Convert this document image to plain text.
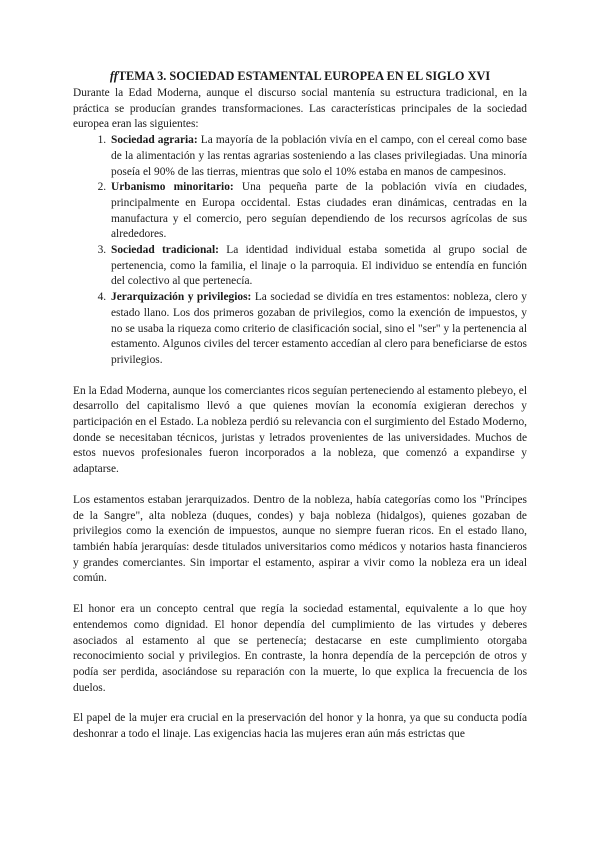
ffTEMA 3. SOCIEDAD ESTAMENTAL EUROPEA EN EL SIGLO XVI

Durante la Edad Moderna, aunque el discurso social mantenía su estructura tradicional, en la práctica se producían grandes transformaciones. Las características principales de la sociedad europea eran las siguientes:

1. Sociedad agraria: La mayoría de la población vivía en el campo, con el cereal como base de la alimentación y las rentas agrarias sosteniendo a las clases privilegiadas. Una minoría poseía el 90% de las tierras, mientras que solo el 10% estaba en manos de campesinos.
2. Urbanismo minoritario: Una pequeña parte de la población vivía en ciudades, principalmente en Europa occidental. Estas ciudades eran dinámicas, centradas en la manufactura y el comercio, pero seguían dependiendo de los recursos agrícolas de sus alrededores.
3. Sociedad tradicional: La identidad individual estaba sometida al grupo social de pertenencia, como la familia, el linaje o la parroquia. El individuo se entendía en función del colectivo al que pertenecía.
4. Jerarquización y privilegios: La sociedad se dividía en tres estamentos: nobleza, clero y estado llano. Los dos primeros gozaban de privilegios, como la exención de impuestos, y no se usaba la riqueza como criterio de clasificación social, sino el "ser" y la pertenencia al estamento. Algunos civiles del tercer estamento accedían al clero para beneficiarse de estos privilegios.

En la Edad Moderna, aunque los comerciantes ricos seguían perteneciendo al estamento plebeyo, el desarrollo del capitalismo llevó a que quienes movían la economía exigieran derechos y participación en el Estado. La nobleza perdió su relevancia con el surgimiento del Estado Moderno, donde se necesitaban técnicos, juristas y letrados provenientes de las universidades. Muchos de estos nuevos profesionales fueron incorporados a la nobleza, que comenzó a expandirse y adaptarse.

Los estamentos estaban jerarquizados. Dentro de la nobleza, había categorías como los "Príncipes de la Sangre", alta nobleza (duques, condes) y baja nobleza (hidalgos), quienes gozaban de privilegios como la exención de impuestos, aunque no siempre fueran ricos. En el estado llano, también había jerarquías: desde titulados universitarios como médicos y notarios hasta financieros y grandes comerciantes. Sin importar el estamento, aspirar a vivir como la nobleza era un ideal común.

El honor era un concepto central que regía la sociedad estamental, equivalente a lo que hoy entendemos como dignidad. El honor dependía del cumplimiento de las virtudes y deberes asociados al estamento al que se pertenecía; destacarse en este cumplimiento otorgaba reconocimiento social y privilegios. En contraste, la honra dependía de la percepción de otros y podía ser perdida, asociándose su reparación con la muerte, lo que explica la frecuencia de los duelos.

El papel de la mujer era crucial en la preservación del honor y la honra, ya que su conducta podía deshonrar a todo el linaje. Las exigencias hacia las mujeres eran aún más estrictas que
